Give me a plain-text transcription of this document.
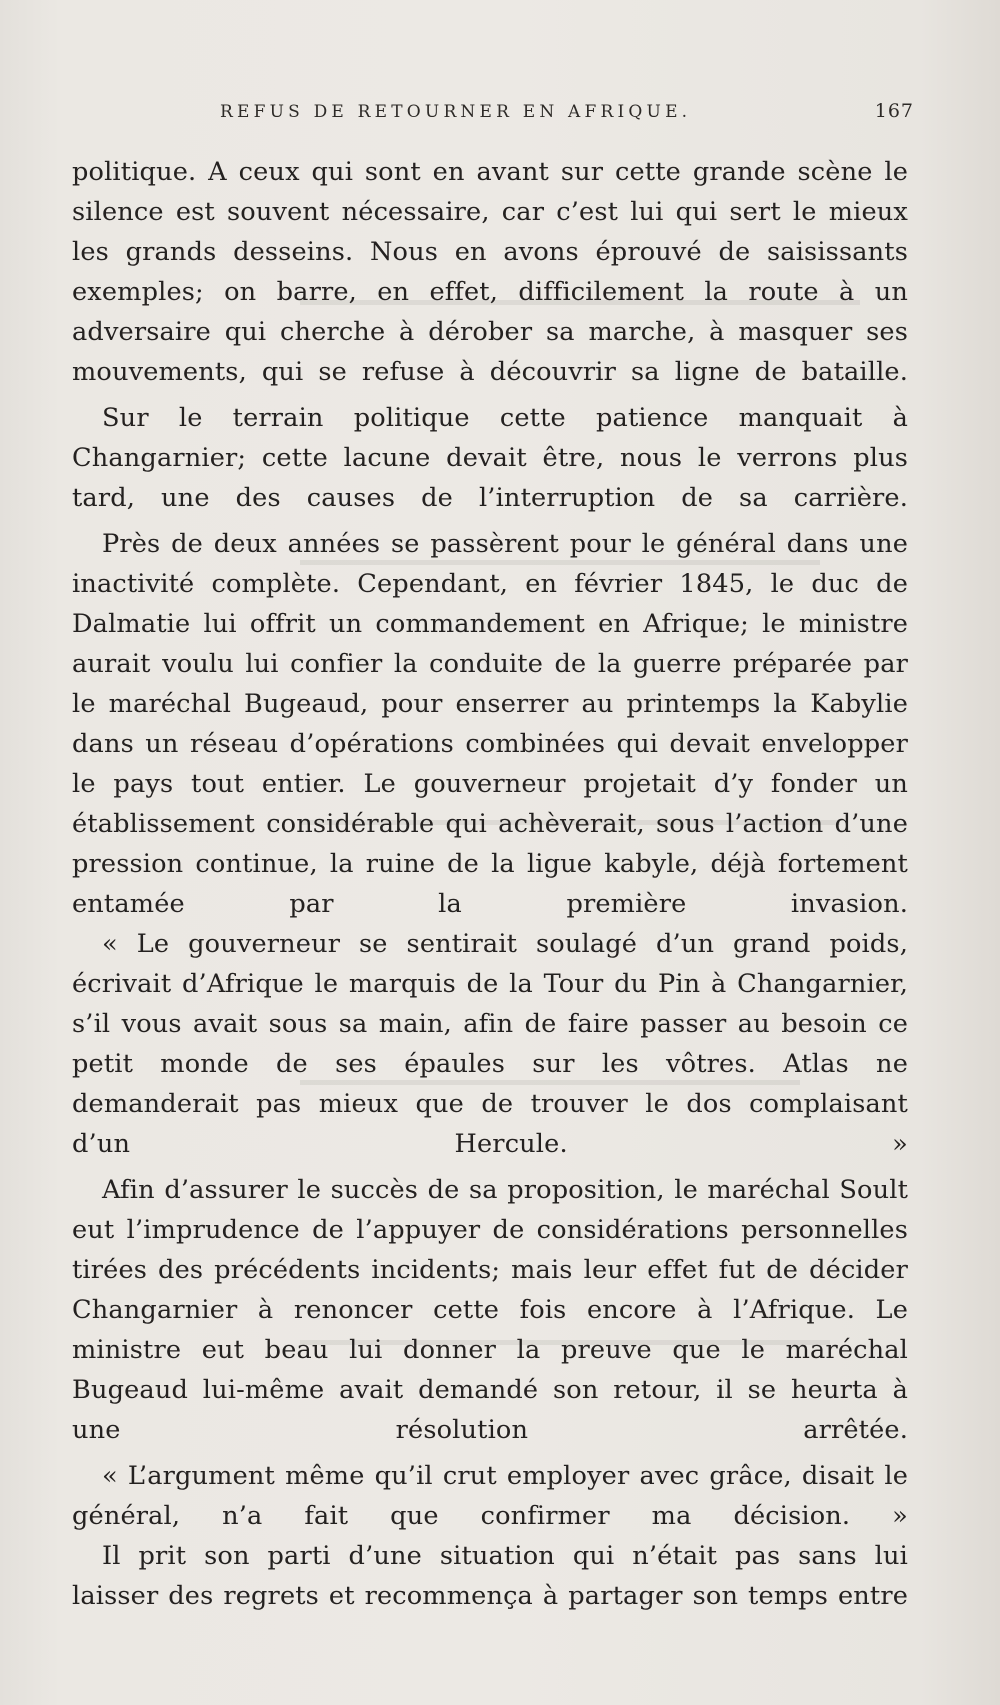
REFUS DE RETOURNER EN AFRIQUE.	167

politique. A ceux qui sont en avant sur cette grande scène le silence est souvent nécessaire, car c’est lui qui sert le mieux les grands desseins. Nous en avons éprouvé de saisissants exemples; on barre, en effet, difficilement la route à un adversaire qui cherche à dérober sa marche, à masquer ses mouvements, qui se refuse à découvrir sa ligne de bataille.

Sur le terrain politique cette patience manquait à Changarnier; cette lacune devait être, nous le verrons plus tard, une des causes de l’interruption de sa carrière.

Près de deux années se passèrent pour le général dans une inactivité complète. Cependant, en février 1845, le duc de Dalmatie lui offrit un commandement en Afrique; le ministre aurait voulu lui confier la conduite de la guerre préparée par le maréchal Bugeaud, pour enserrer au printemps la Kabylie dans un réseau d’opérations combinées qui devait envelopper le pays tout entier. Le gouverneur projetait d’y fonder un établissement considérable qui achèverait, sous l’action d’une pression continue, la ruine de la ligue kabyle, déjà fortement entamée par la première invasion.

« Le gouverneur se sentirait soulagé d’un grand poids, écrivait d’Afrique le marquis de la Tour du Pin à Changarnier, s’il vous avait sous sa main, afin de faire passer au besoin ce petit monde de ses épaules sur les vôtres. Atlas ne demanderait pas mieux que de trouver le dos complaisant d’un Hercule. »

Afin d’assurer le succès de sa proposition, le maréchal Soult eut l’imprudence de l’appuyer de considérations personnelles tirées des précédents incidents; mais leur effet fut de décider Changarnier à renoncer cette fois encore à l’Afrique. Le ministre eut beau lui donner la preuve que le maréchal Bugeaud lui-même avait demandé son retour, il se heurta à une résolution arrêtée.

« L’argument même qu’il crut employer avec grâce, disait le général, n’a fait que confirmer ma décision. »

Il prit son parti d’une situation qui n’était pas sans lui laisser des regrets et recommença à partager son temps entre
